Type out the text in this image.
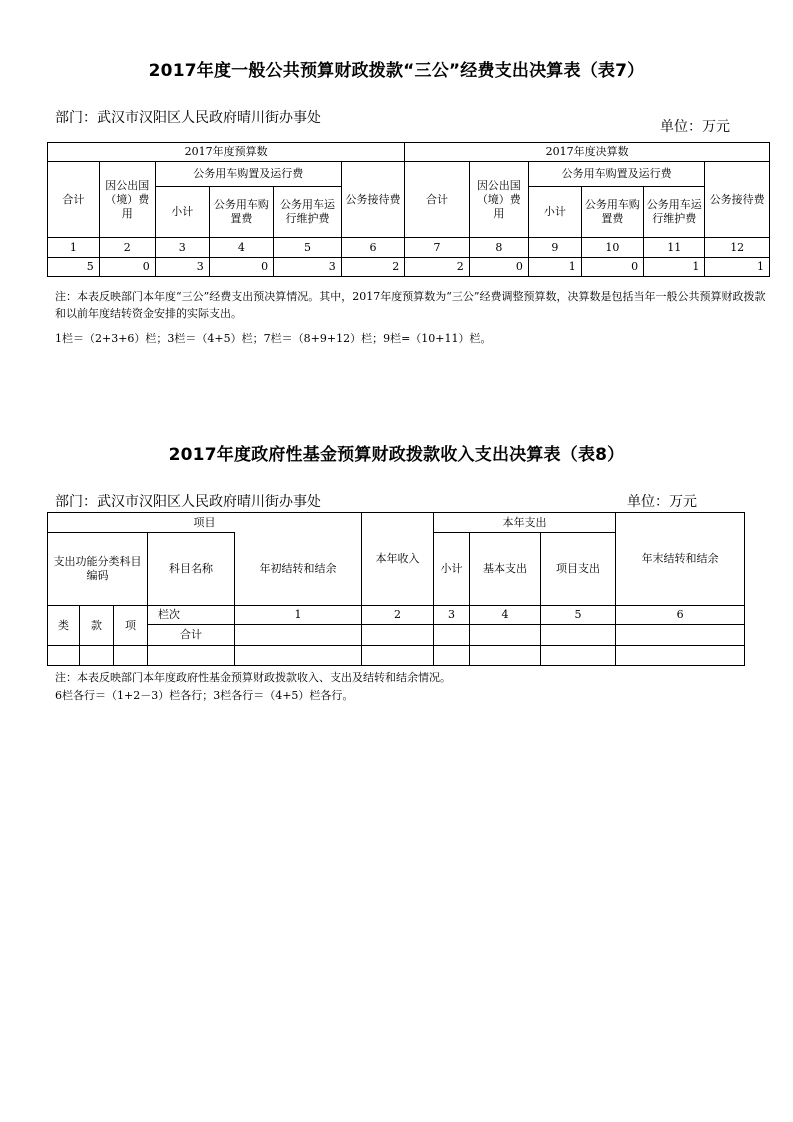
2017年度一般公共预算财政拨款“三公”经费支出决算表（表7）
部门：武汉市汉阳区人民政府晴川街办事处
单位：万元
2017年度预算数						2017年度决算数					
合计	因公出国（境）费用	公务用车购置及运行费			公务接待费	合计	因公出国（境）费用	公务用车购置及运行费			公务接待费
		小计	公务用车购置费	公务用车运行维护费				小计	公务用车购置费	公务用车运行维护费	
1	2	3	4	5	6	7	8	9	10	11	12
5	0	3	0	3	2	2	0	1	0	1	1
注：本表反映部门本年度“三公”经费支出预决算情况。其中，2017年度预算数为“三公”经费调整预算数，决算数是包括当年一般公共预算财政拨款和以前年度结转资金安排的实际支出。
1栏＝（2+3+6）栏；3栏＝（4+5）栏；7栏＝（8+9+12）栏；9栏=（10+11）栏。
2017年度政府性基金预算财政拨款收入支出决算表（表8）
部门：武汉市汉阳区人民政府晴川街办事处	单位：万元
项目					本年收入	本年支出			年末结转和结余
支出功能分类科目编码			科目名称	年初结转和结余		小计	基本支出	项目支出	

类	款	项	栏次	1	2	3	4	5	6
			合计						

注：本表反映部门本年度政府性基金预算财政拨款收入、支出及结转和结余情况。
6栏各行＝（1+2－3）栏各行；3栏各行＝（4+5）栏各行。
